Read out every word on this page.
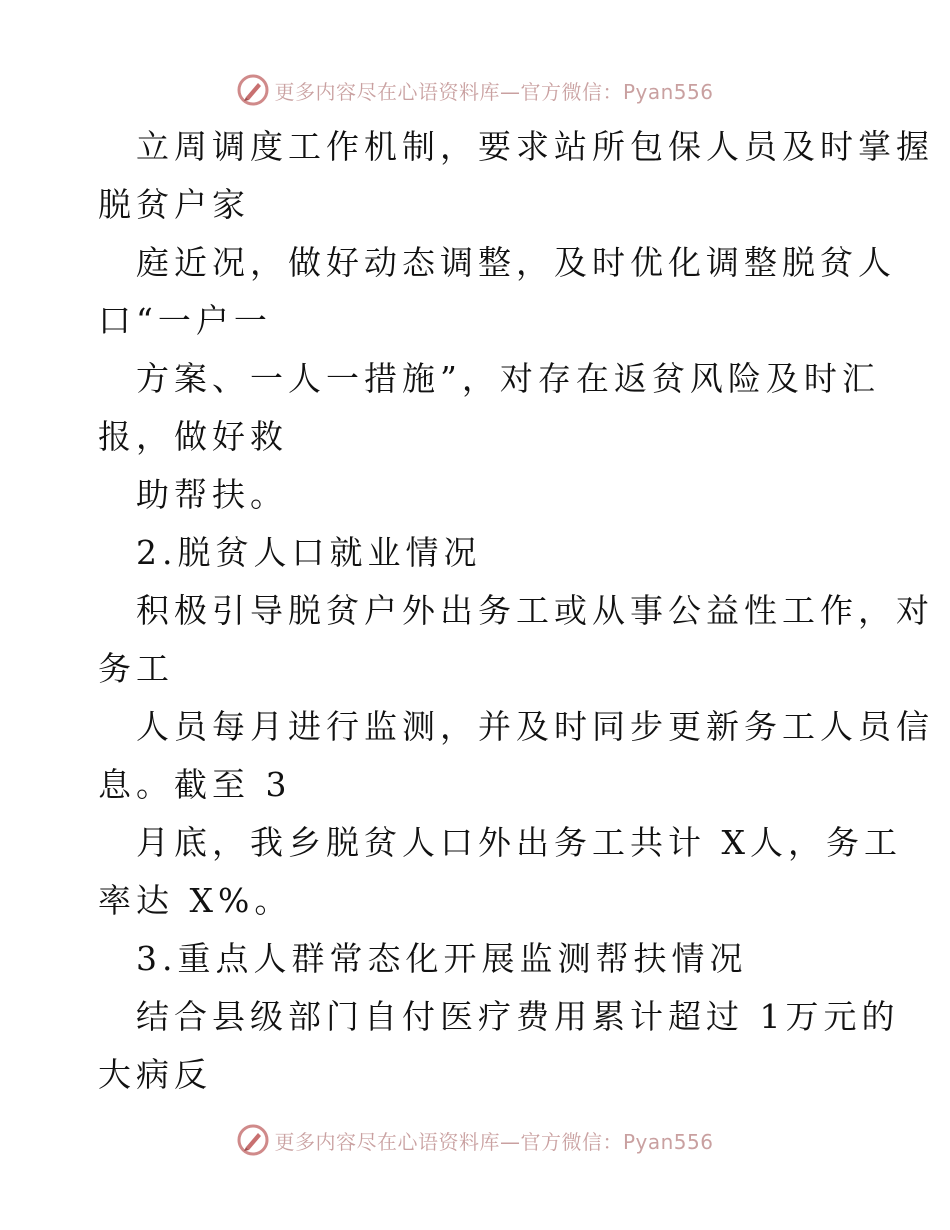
更多内容尽在心语资料库—官方微信：Pyan556
立周调度工作机制，要求站所包保人员及时掌握
脱贫户家
庭近况，做好动态调整，及时优化调整脱贫人
口“一户一
方案、一人一措施”，对存在返贫风险及时汇
报，做好救
助帮扶。
2.脱贫人口就业情况
积极引导脱贫户外出务工或从事公益性工作，对
务工
人员每月进行监测，并及时同步更新务工人员信
息。截至 3
月底，我乡脱贫人口外出务工共计 X人，务工
率达 X%。
3.重点人群常态化开展监测帮扶情况
结合县级部门自付医疗费用累计超过 1万元的
大病反
更多内容尽在心语资料库—官方微信：Pyan556
